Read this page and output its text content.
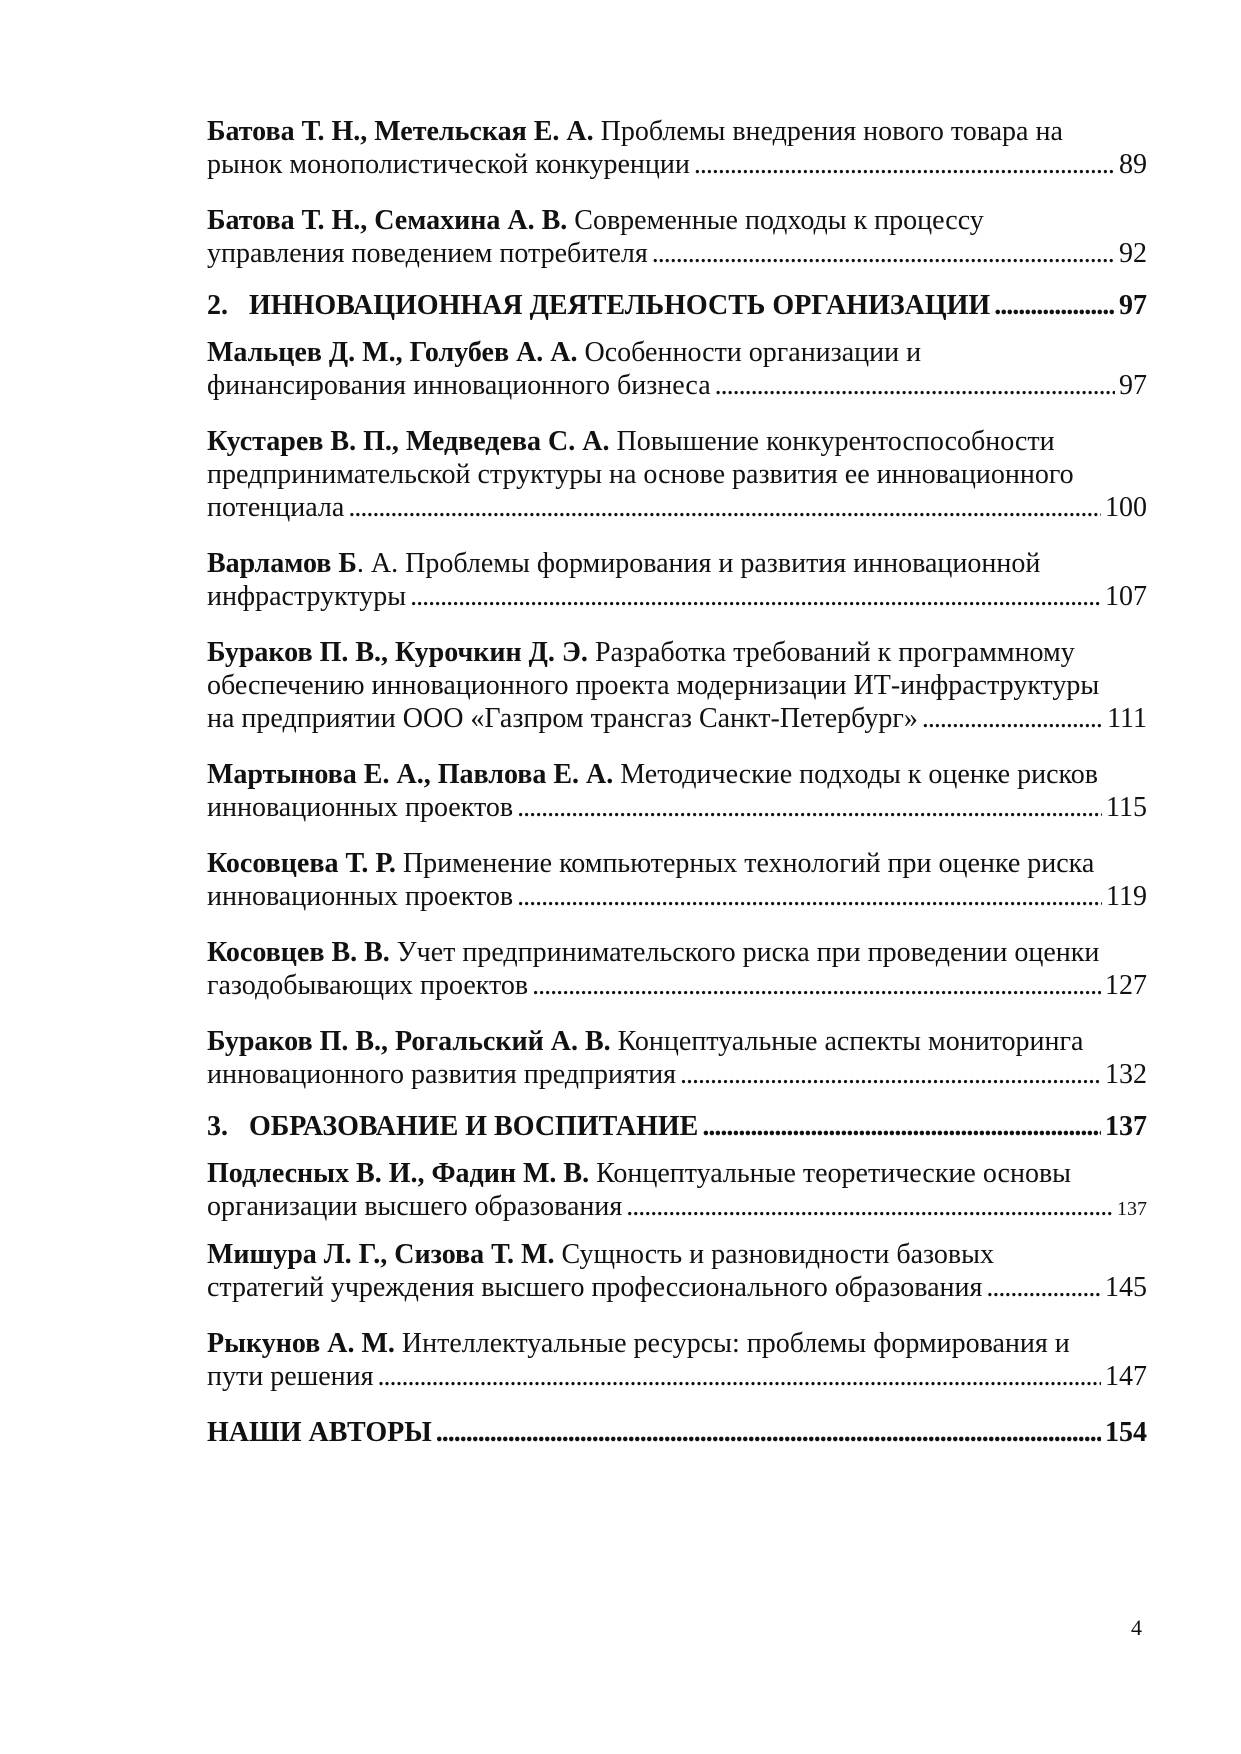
Батова Т. Н., Метельская Е. А. Проблемы внедрения нового товара на
рынок монополистической конкуренции . . .	89
Батова Т. Н., Семахина А. В. Современные подходы к процессу
управления поведением потребителя . . .	92
2. ИННОВАЦИОННАЯ ДЕЯТЕЛЬНОСТЬ ОРГАНИЗАЦИИ . . .	97
Мальцев Д. М., Голубев А. А. Особенности организации и
финансирования инновационного бизнеса . . .	97
Кустарев В. П., Медведева С. А. Повышение конкурентоспособности
предпринимательской структуры на основе развития ее инновационного
потенциала . . .	100
Варламов Б. А. Проблемы формирования и развития инновационной
инфраструктуры . . .	107
Бураков П. В., Курочкин Д. Э. Разработка требований к программному
обеспечению инновационного проекта модернизации ИТ-инфраструктуры
на предприятии ООО «Газпром трансгаз Санкт-Петербург» . . .	111
Мартынова Е. А., Павлова Е. А. Методические подходы к оценке рисков
инновационных проектов . . .	115
Косовцева Т. Р. Применение компьютерных технологий при оценке риска
инновационных проектов . . .	119
Косовцев В. В. Учет предпринимательского риска при проведении оценки
газодобывающих проектов . . .	127
Бураков П. В., Рогальский А. В. Концептуальные аспекты мониторинга
инновационного развития предприятия . . .	132
3. ОБРАЗОВАНИЕ И ВОСПИТАНИЕ . . .	137
Подлесных В. И., Фадин М. В. Концептуальные теоретические основы
организации высшего образования . . .	137
Мишура Л. Г., Сизова Т. М. Сущность и разновидности базовых
стратегий учреждения высшего профессионального образования . . .	145
Рыкунов А. М. Интеллектуальные ресурсы: проблемы формирования и
пути решения . . .	147
НАШИ АВТОРЫ . . .	154
4
